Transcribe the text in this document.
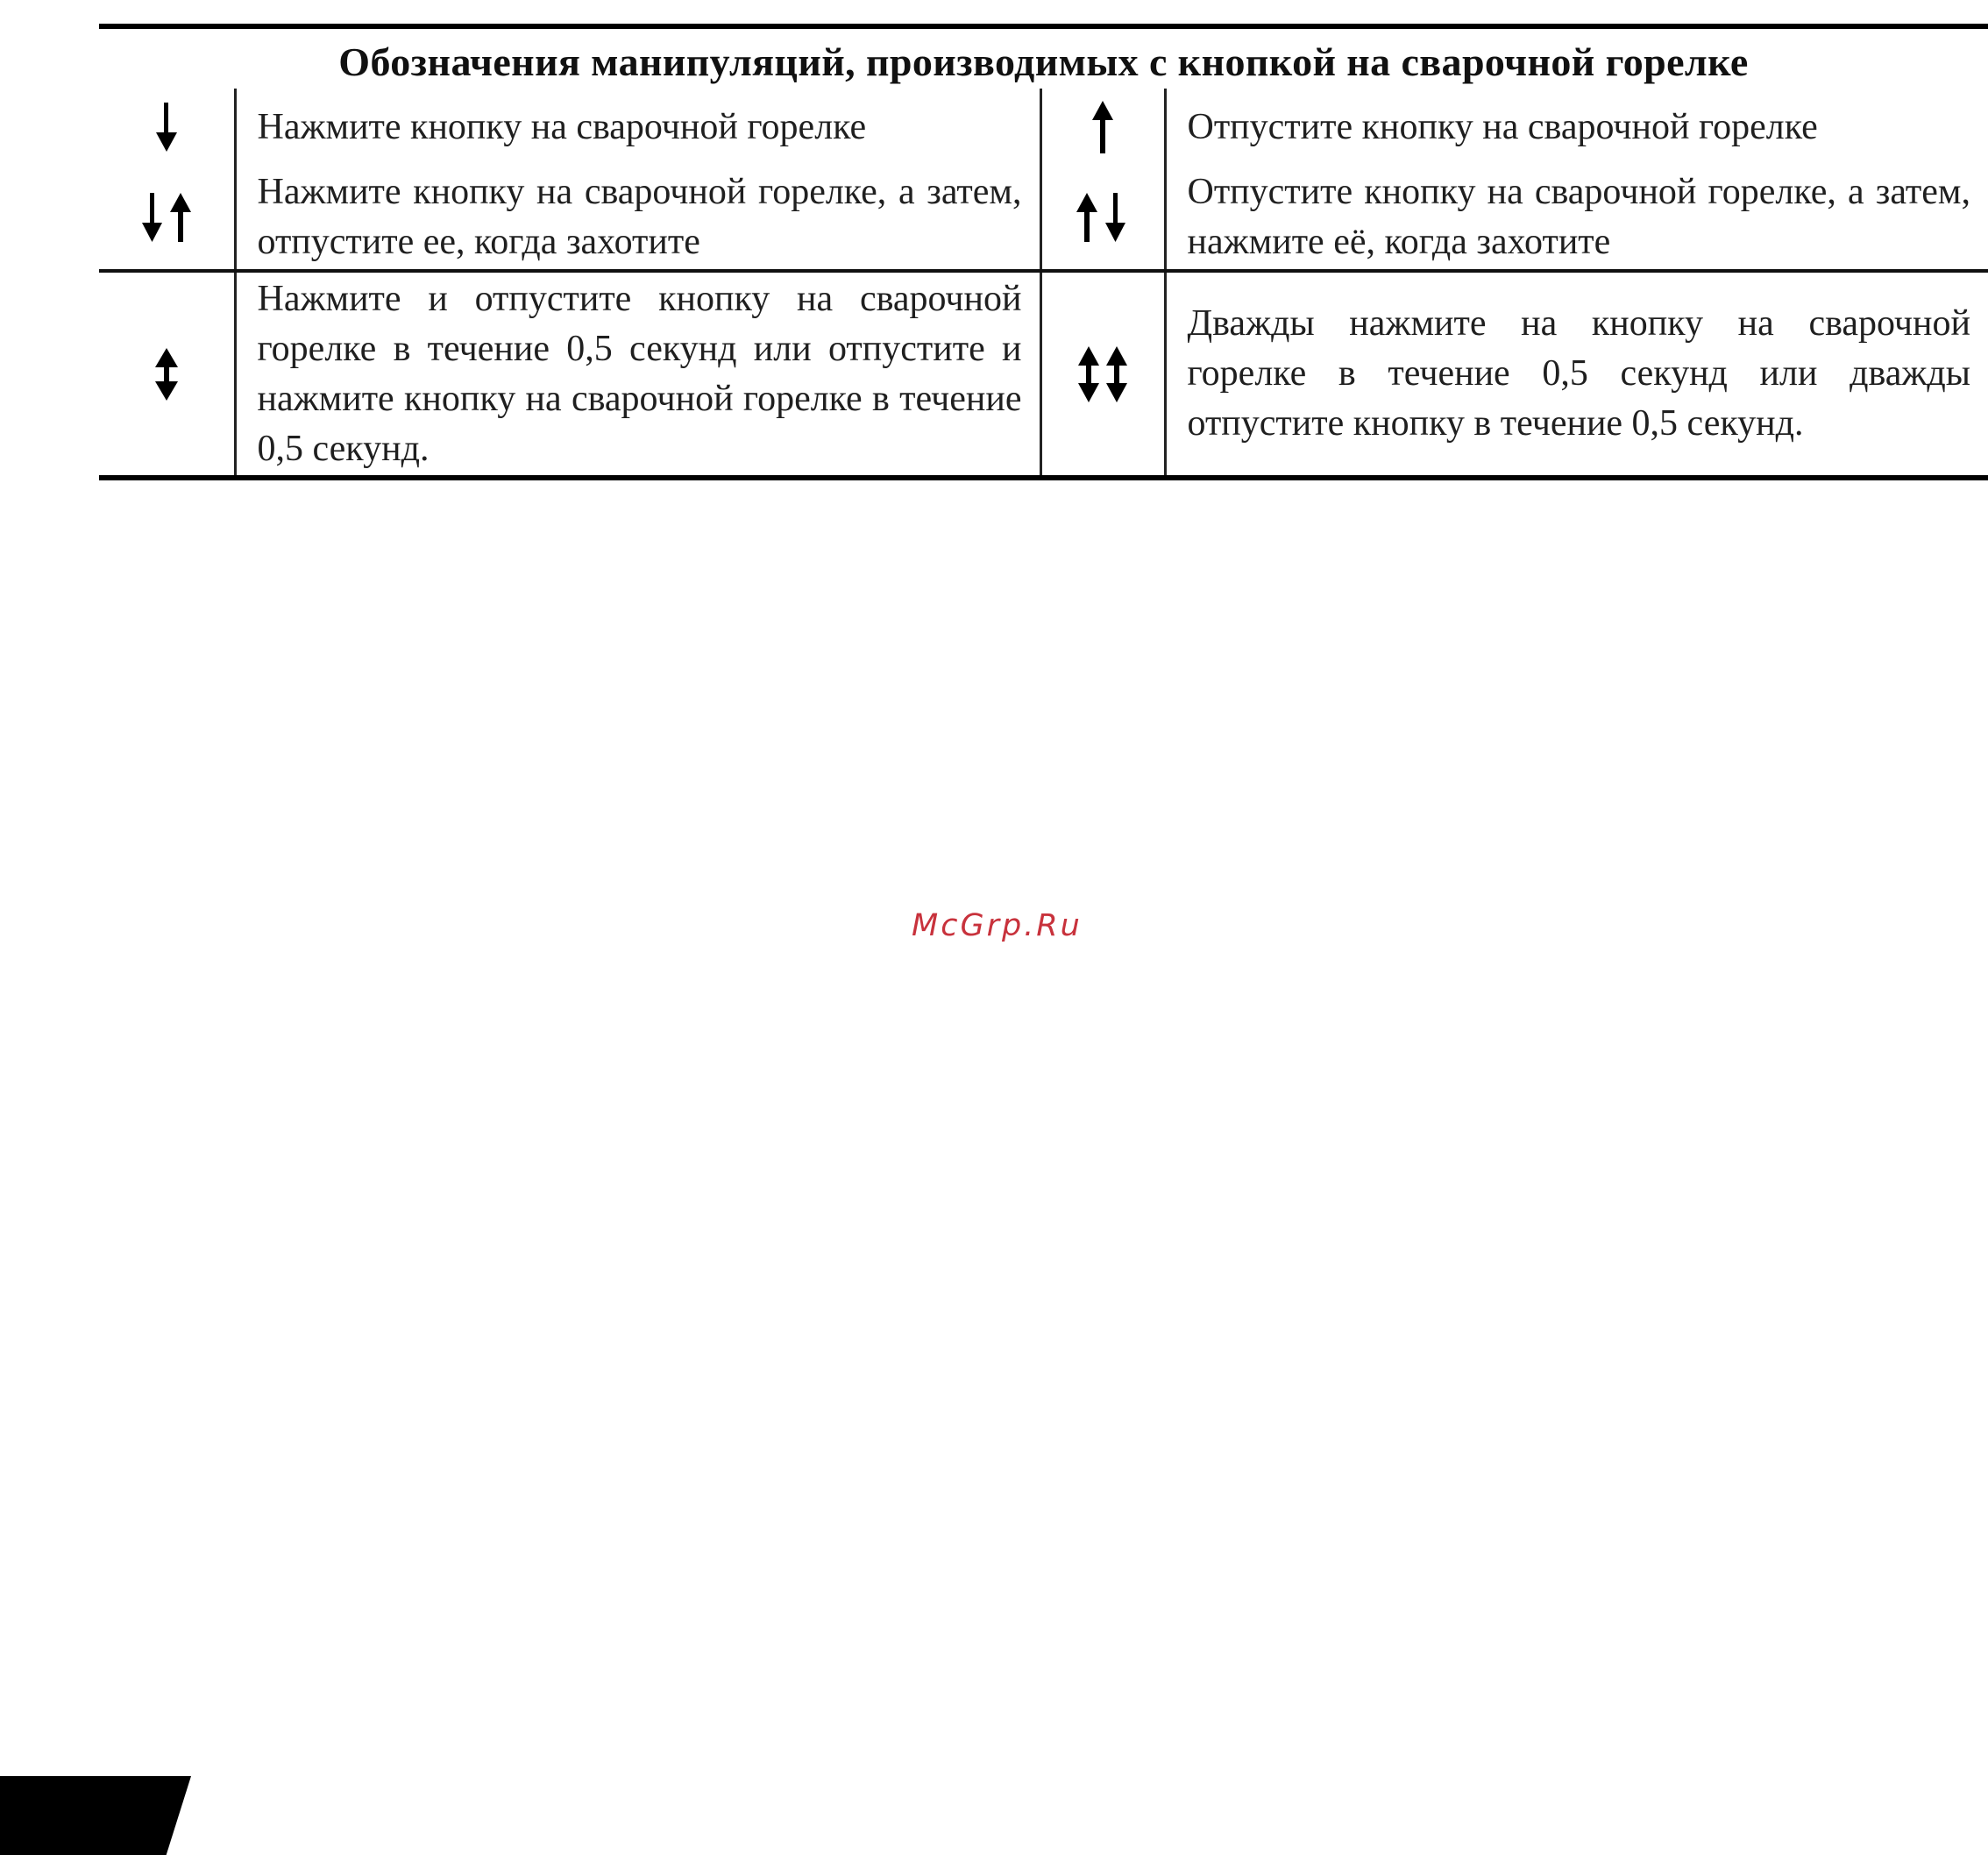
Обозначения манипуляций, производимых с кнопкой на сварочной горелке

Нажмите кнопку на сварочной горелке		Отпустите кнопку на сварочной горелке

Нажмите кнопку на сварочной горелке, а затем, отпустите ее, когда захотите		Отпустите кнопку на сварочной горелке, а затем, нажмите её, когда захотите

Нажмите и отпустите кнопку на сварочной горелке в течение 0,5 секунд или отпустите и нажмите кнопку на сварочной горелке в течение 0,5 секунд.		Дважды нажмите на кнопку на сварочной горелке в течение 0,5 секунд или дважды отпустите кнопку в течение 0,5 секунд.
McGrp.Ru
